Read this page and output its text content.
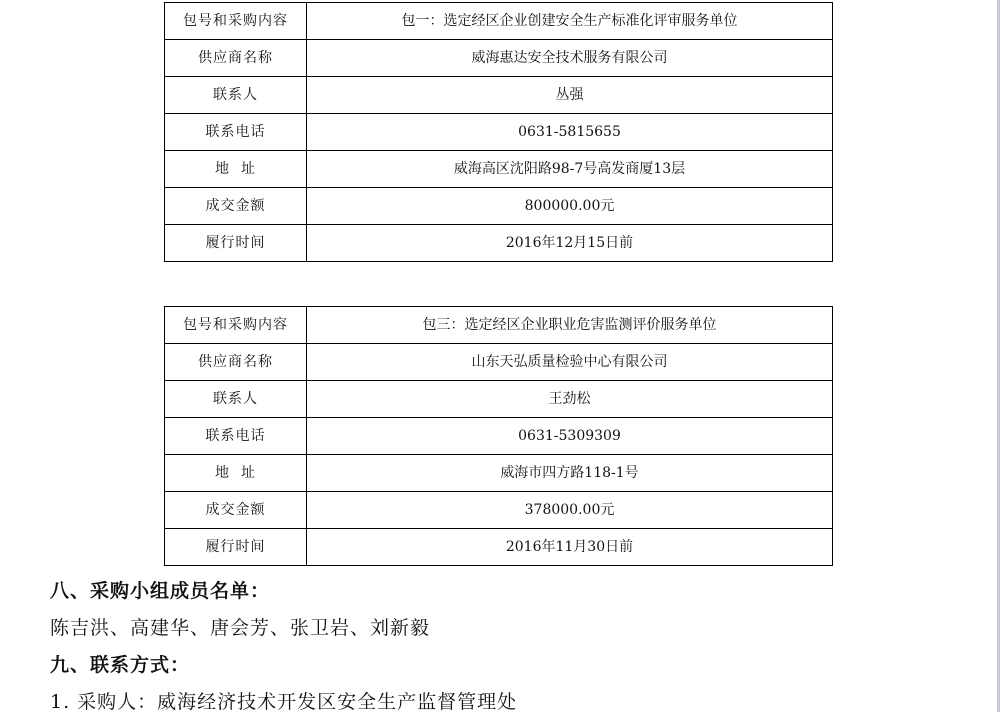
包号和采购内容	包一：选定经区企业创建安全生产标准化评审服务单位
供应商名称	威海惠达安全技术服务有限公司
联系人	丛强
联系电话	0631-5815655
地  址	威海高区沈阳路98-7号高发商厦13层
成交金额	800000.00元
履行时间	2016年12月15日前
包号和采购内容	包三：选定经区企业职业危害监测评价服务单位
供应商名称	山东天弘质量检验中心有限公司
联系人	王劲松
联系电话	0631-5309309
地  址	威海市四方路118-1号
成交金额	378000.00元
履行时间	2016年11月30日前
八、采购小组成员名单：
陈吉洪、高建华、唐会芳、张卫岩、刘新毅
九、联系方式：
1. 采购人：威海经济技术开发区安全生产监督管理处
